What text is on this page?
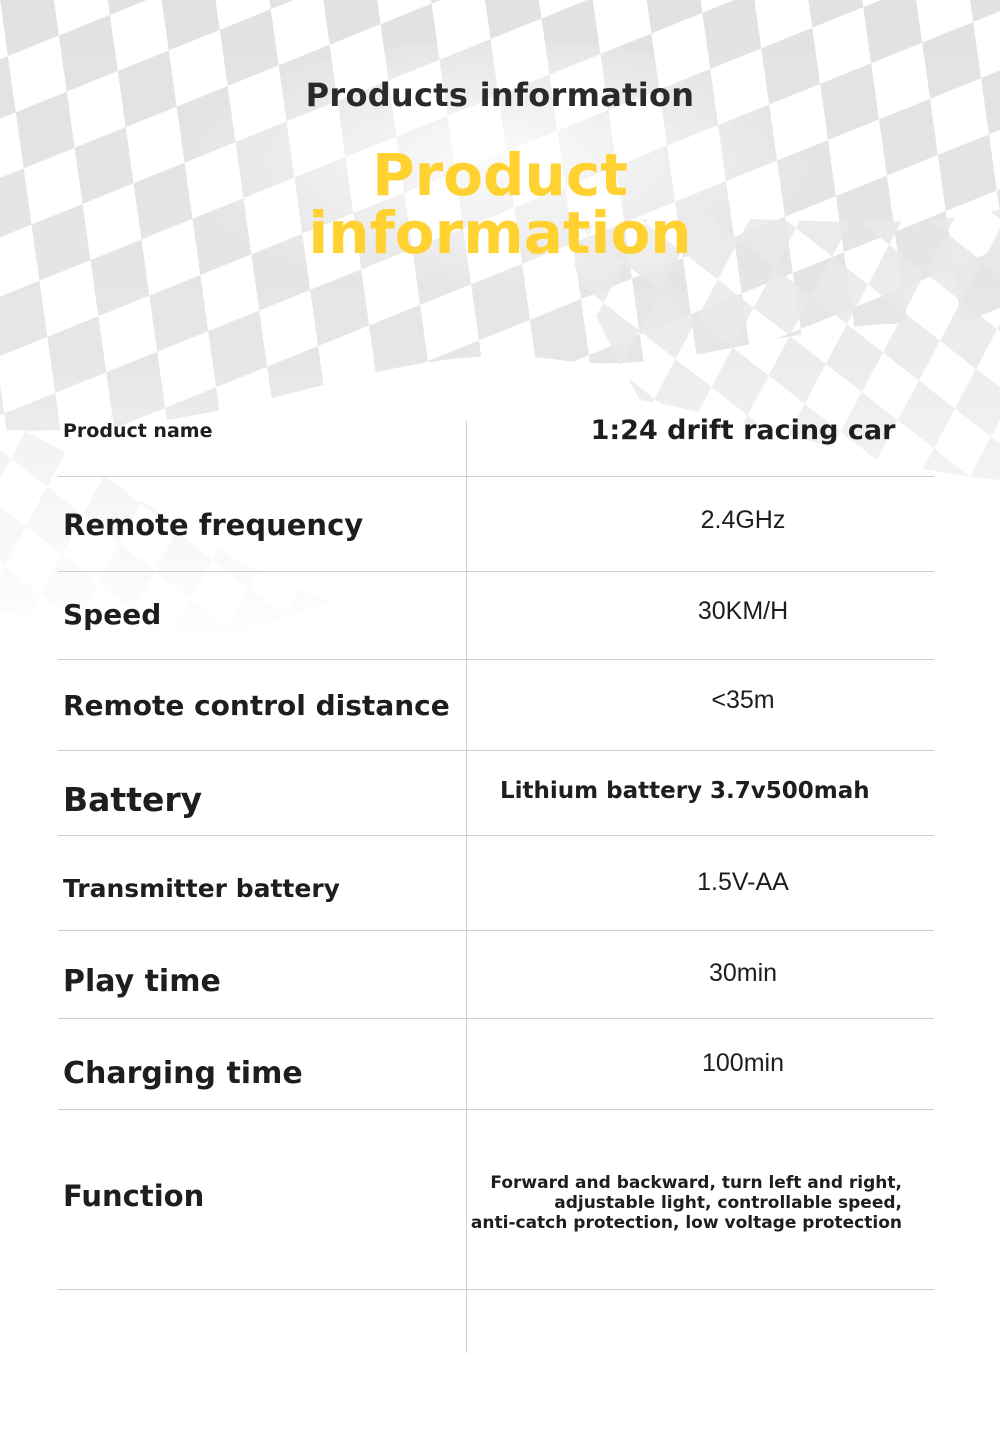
Products information
Product
information
Product name	1:24 drift racing car
Remote frequency	2.4GHz
Speed	30KM/H
Remote control distance	<35m
Battery	Lithium battery 3.7v500mah
Transmitter battery	1.5V-AA
Play time	30min
Charging time	100min
Function	Forward and backward, turn left and right,
adjustable light, controllable speed,
anti-catch protection, low voltage protection
